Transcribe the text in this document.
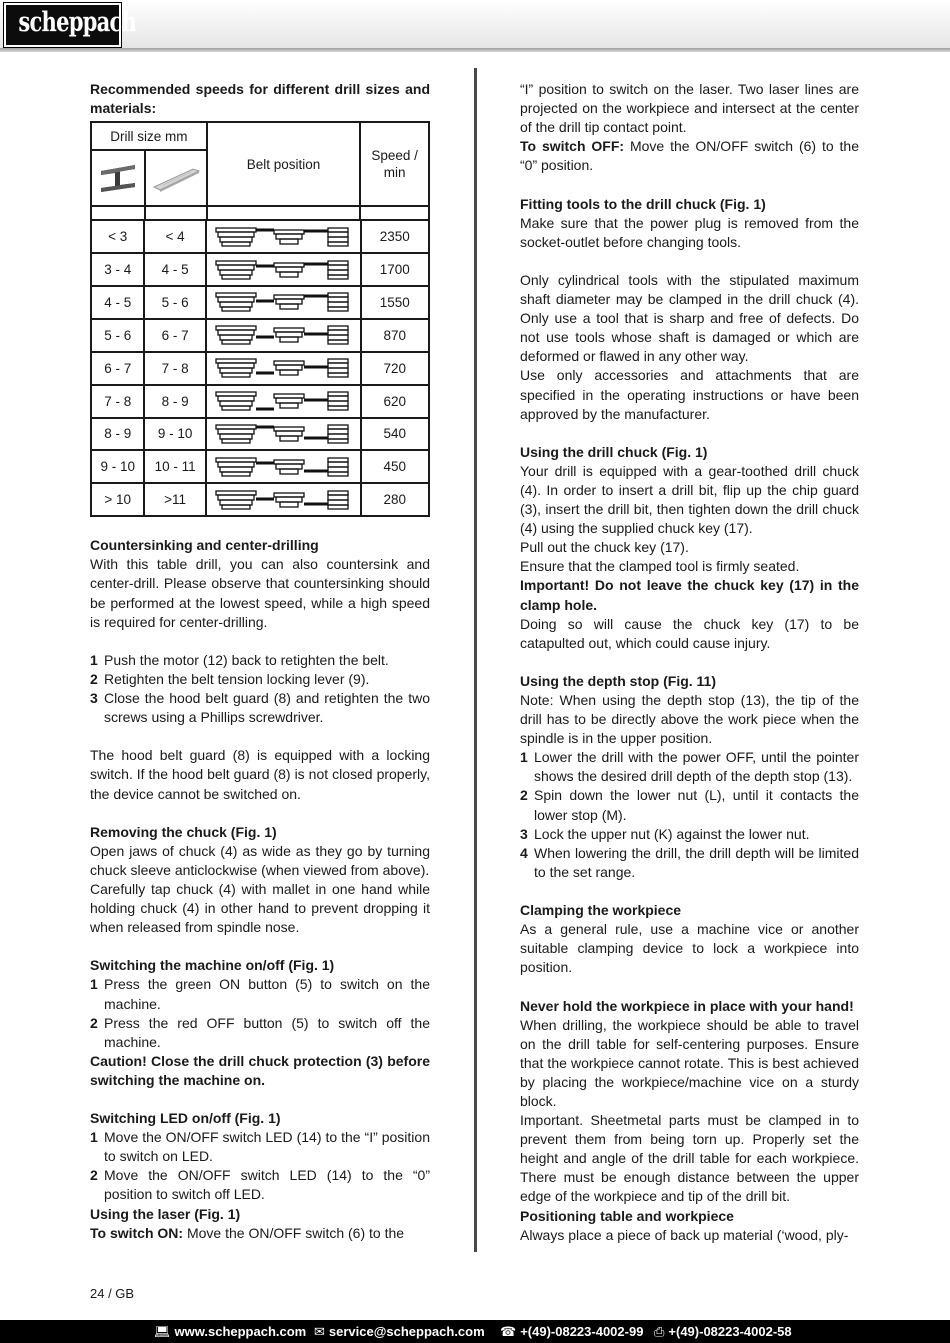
scheppach
Recommended speeds for different drill sizes and materials:
Drill size mm		Belt position	Speed / min

< 3	< 4		2350
3 - 4	4 - 5		1700
4 - 5	5 - 6		1550
5 - 6	6 - 7		870
6 - 7	7 - 8		720
7 - 8	8 - 9		620
8 - 9	9 - 10		540
9 - 10	10 - 11		450
> 10	>11		280
Countersinking and center-drilling

With this table drill, you can also countersink and center-drill. Please observe that countersinking should be performed at the lowest speed, while a high speed is required for center-drilling.

1 Push the motor (12) back to retighten the belt.
2 Retighten the belt tension locking lever (9).
3 Close the hood belt guard (8) and retighten the two screws using a Phillips screwdriver.

The hood belt guard (8) is equipped with a locking switch. If the hood belt guard (8) is not closed properly, the device cannot be switched on.

Removing the chuck (Fig. 1)

Open jaws of chuck (4) as wide as they go by turning chuck sleeve anticlockwise (when viewed from above).

Carefully tap chuck (4) with mallet in one hand while holding chuck (4) in other hand to prevent dropping it when released from spindle nose.

Switching the machine on/off (Fig. 1)
1 Press the green ON button (5) to switch on the machine.
2 Press the red OFF button (5) to switch off the machine.

Caution! Close the drill chuck protection (3) before switching the machine on.

Switching LED on/off (Fig. 1)
1 Move the ON/OFF switch LED (14) to the “I” position to switch on LED.
2 Move the ON/OFF switch LED (14) to the “0” position to switch off LED.
Using the laser (Fig. 1)

To switch ON: Move the ON/OFF switch (6) to the

“I” position to switch on the laser. Two laser lines are projected on the workpiece and intersect at the center of the drill tip contact point.

To switch OFF: Move the ON/OFF switch (6) to the “0” position.

Fitting tools to the drill chuck (Fig. 1)

Make sure that the power plug is removed from the socket-outlet before changing tools.

Only cylindrical tools with the stipulated maximum shaft diameter may be clamped in the drill chuck (4). Only use a tool that is sharp and free of defects. Do not use tools whose shaft is damaged or which are deformed or flawed in any other way.

Use only accessories and attachments that are specified in the operating instructions or have been approved by the manufacturer.

Using the drill chuck (Fig. 1)

Your drill is equipped with a gear-toothed drill chuck (4). In order to insert a drill bit, flip up the chip guard (3), insert the drill bit, then tighten down the drill chuck (4) using the supplied chuck key (17).

Pull out the chuck key (17).

Ensure that the clamped tool is firmly seated.

Important! Do not leave the chuck key (17) in the clamp hole.

Doing so will cause the chuck key (17) to be catapulted out, which could cause injury.

Using the depth stop (Fig. 11)

Note: When using the depth stop (13), the tip of the drill has to be directly above the work piece when the spindle is in the upper position.

1 Lower the drill with the power OFF, until the pointer shows the desired drill depth of the depth stop (13).
2 Spin down the lower nut (L), until it contacts the lower stop (M).
3 Lock the upper nut (K) against the lower nut.
4 When lowering the drill, the drill depth will be limited to the set range.
Clamping the workpiece

As a general rule, use a machine vice or another suitable clamping device to lock a workpiece into position.

Never hold the workpiece in place with your hand!

When drilling, the workpiece should be able to travel on the drill table for self-centering purposes. Ensure that the workpiece cannot rotate. This is best achieved by placing the workpiece/machine vice on a sturdy block.

Important. Sheetmetal parts must be clamped in to prevent them from being torn up. Properly set the height and angle of the drill table for each workpiece. There must be enough distance between the upper edge of the workpiece and tip of the drill bit.

Positioning table and workpiece

Always place a piece of back up material (‘wood, ply-

24 / GB
💻︎ www.scheppach.com ✉ service@scheppach.com ☎ +(49)-08223-4002-99 ⎙ +(49)-08223-4002-58
